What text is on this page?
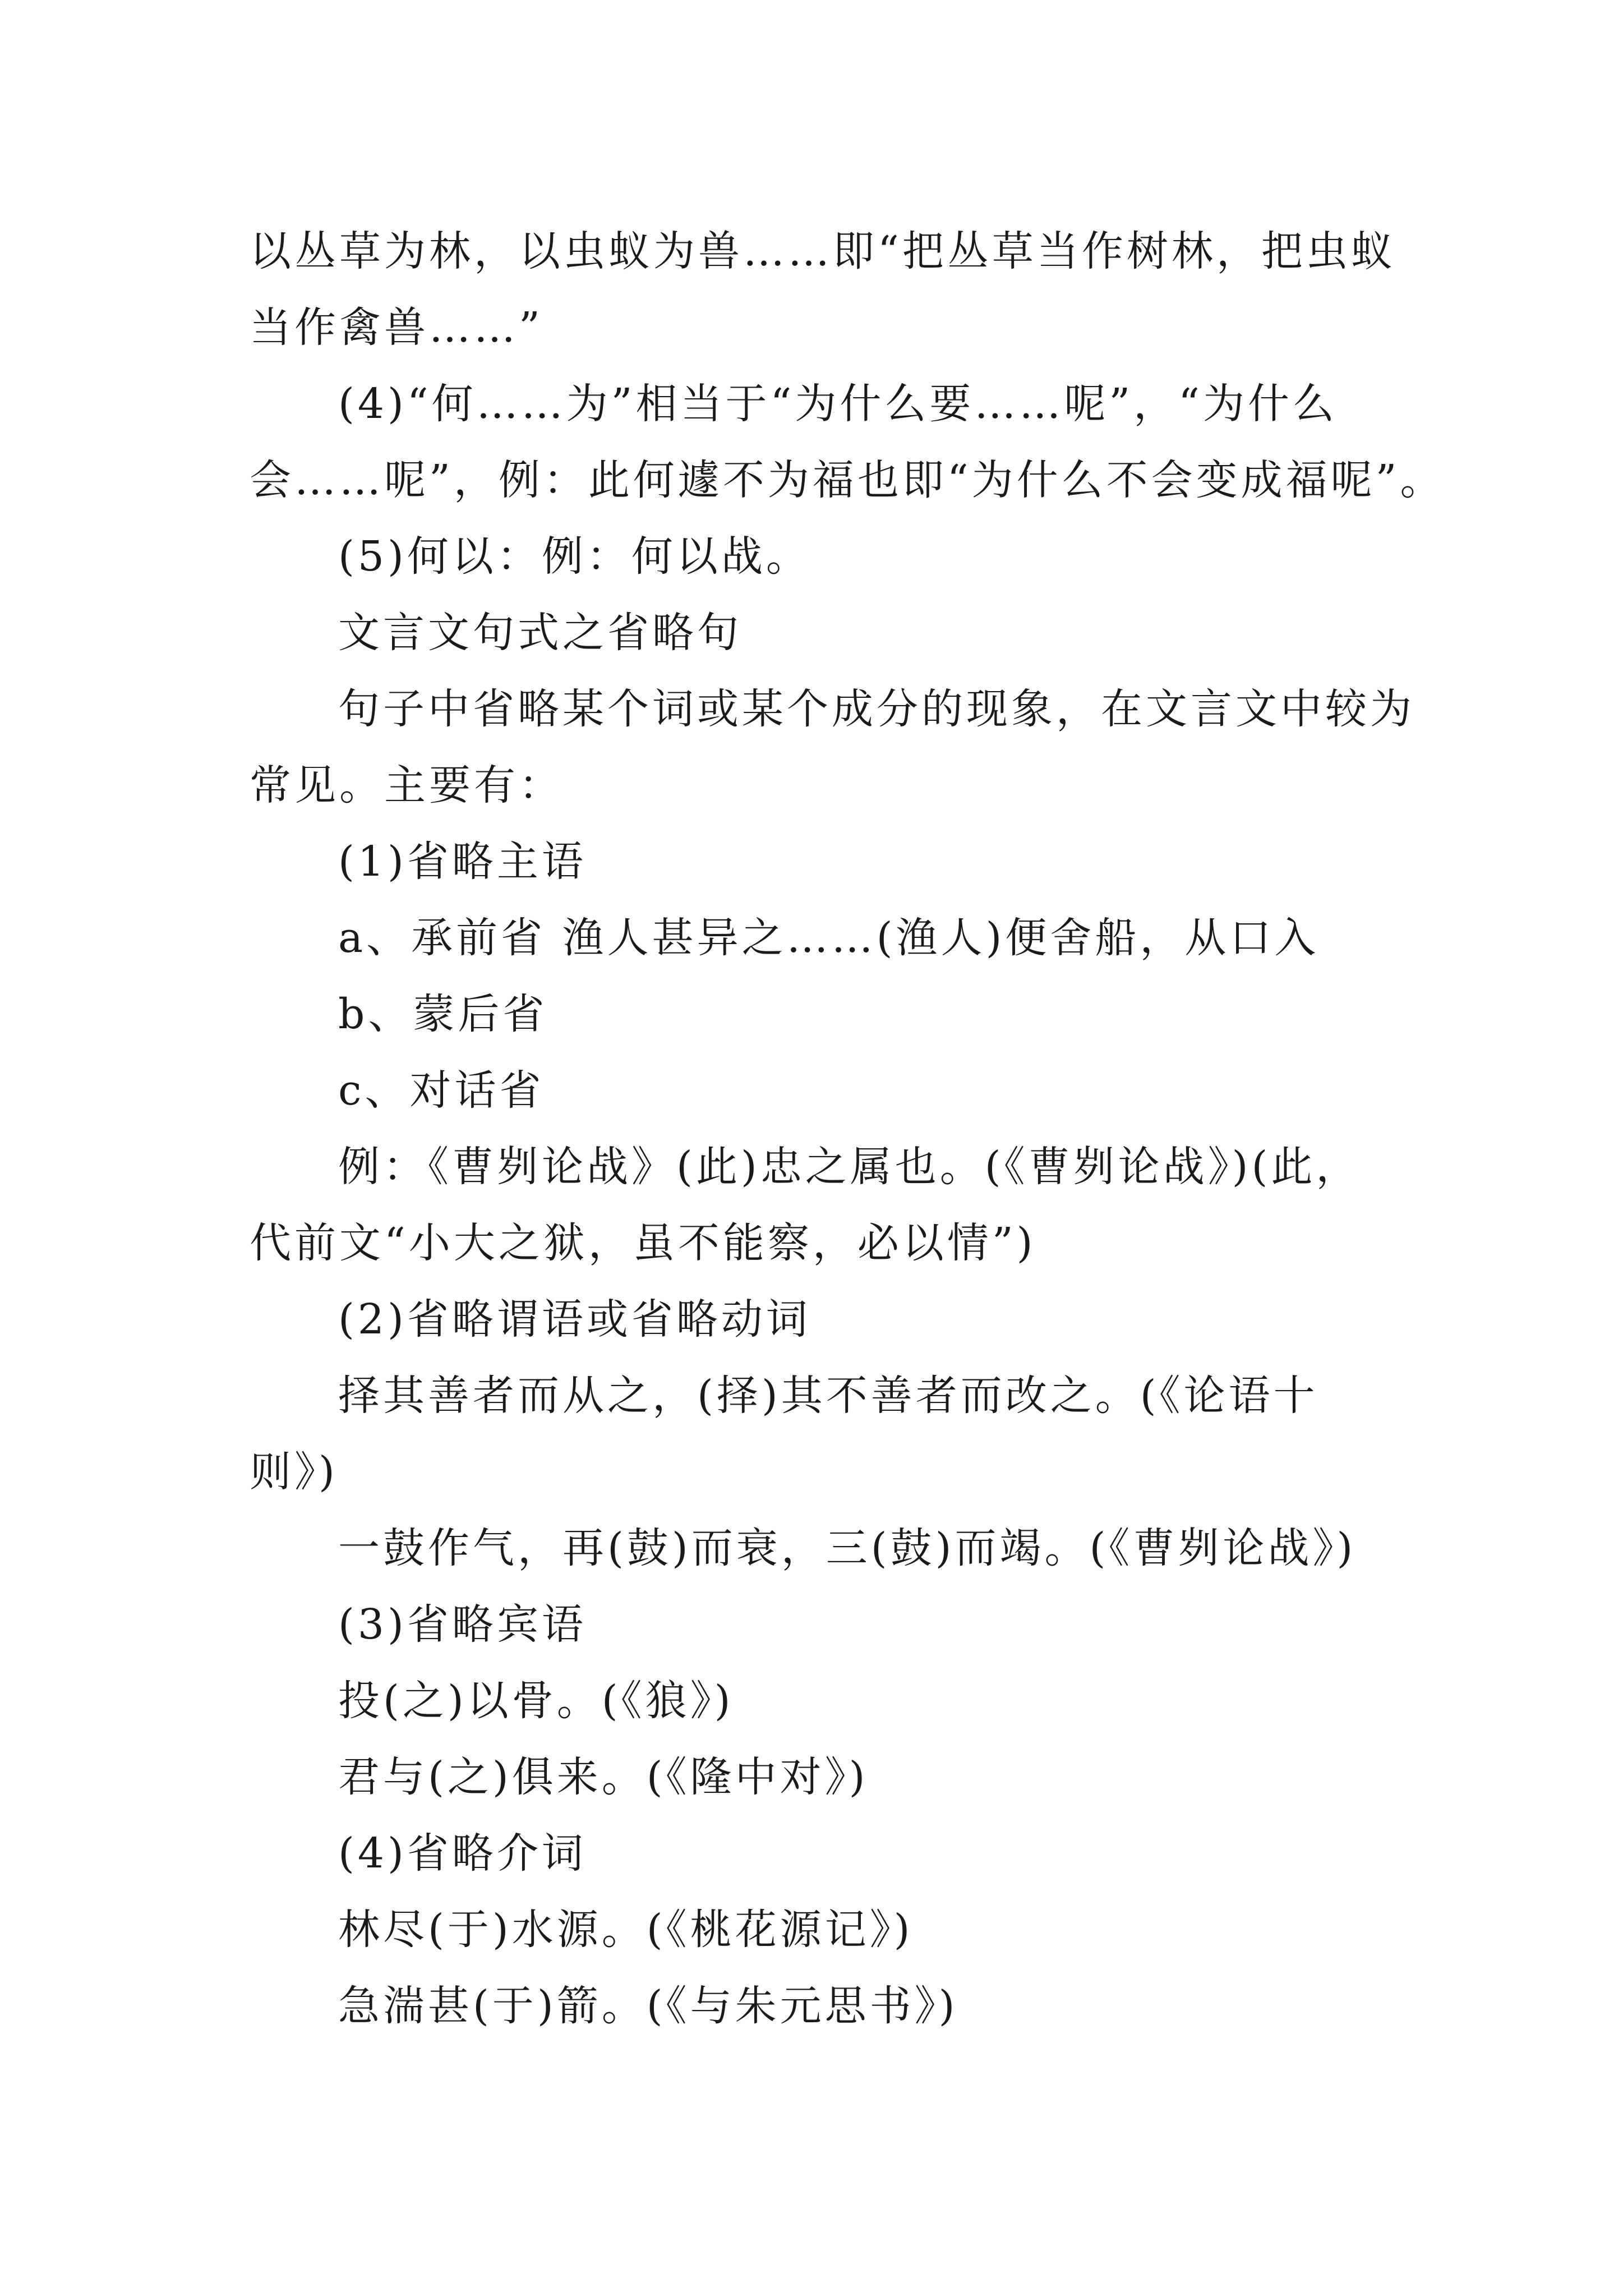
以丛草为林，以虫蚁为兽……即“把丛草当作树林，把虫蚁
当作禽兽……”
(4)“何……为”相当于“为什么要……呢”，“为什么
会……呢”，例：此何遽不为福也即“为什么不会变成福呢”。
(5)何以：例：何以战。
文言文句式之省略句
句子中省略某个词或某个成分的现象，在文言文中较为
常见。主要有：
(1)省略主语
a、承前省 渔人甚异之……(渔人)便舍船，从口入
b、蒙后省
c、对话省
例：《曹刿论战》(此)忠之属也。(《曹刿论战》)(此，
代前文“小大之狱，虽不能察，必以情”)
(2)省略谓语或省略动词
择其善者而从之，(择)其不善者而改之。(《论语十
则》)
一鼓作气，再(鼓)而衰，三(鼓)而竭。(《曹刿论战》)
(3)省略宾语
投(之)以骨。(《狼》)
君与(之)俱来。(《隆中对》)
(4)省略介词
林尽(于)水源。(《桃花源记》)
急湍甚(于)箭。(《与朱元思书》)
